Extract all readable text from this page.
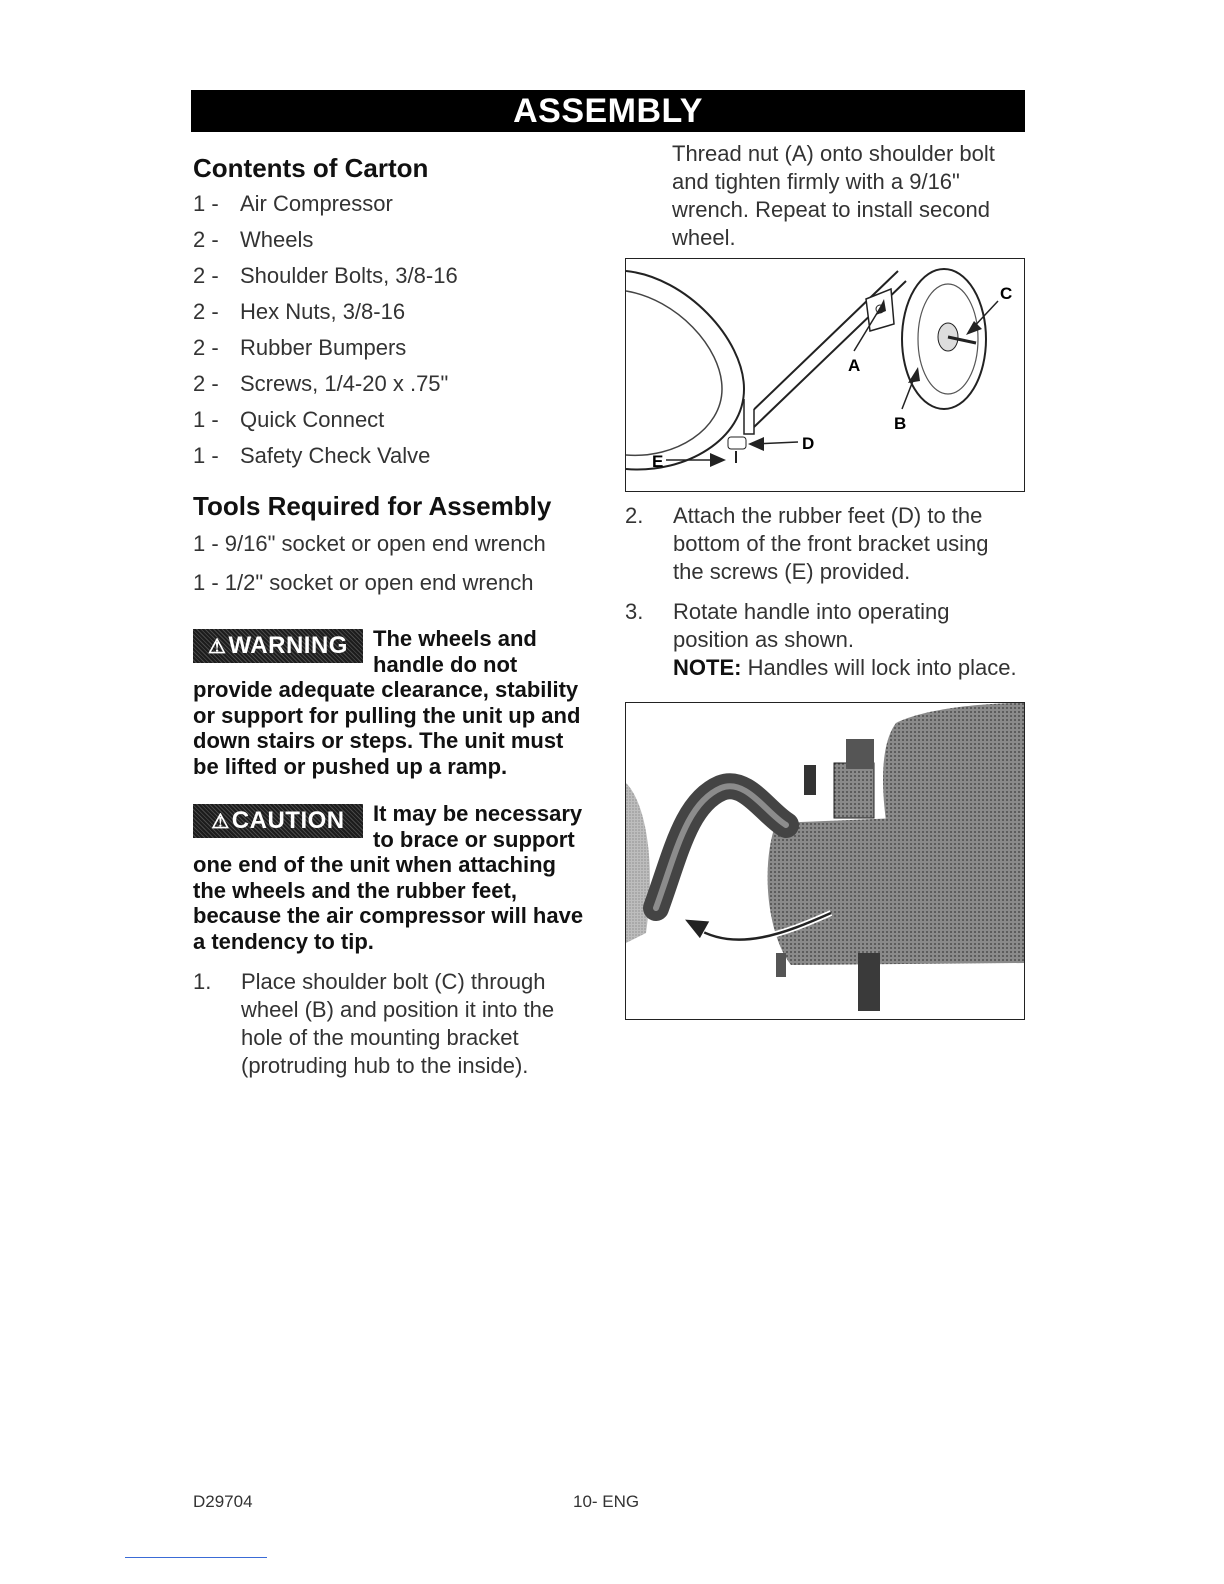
ASSEMBLY
Contents of Carton
1 - Air Compressor
2 - Wheels
2 - Shoulder Bolts, 3/8-16
2 - Hex Nuts, 3/8-16
2 - Rubber Bumpers
2 - Screws, 1/4-20 x .75"
1 - Quick Connect
1 - Safety Check Valve
Tools Required for Assembly
1 - 9/16" socket or open end wrench
1 - 1/2" socket or open end wrench
⚠WARNING	The wheels and handle do not provide adequate clearance, stability or support for pulling the unit up and down stairs or steps. The unit must be lifted or pushed up a ramp.
⚠CAUTION	It may be necessary to brace or support one end of the unit when attaching the wheels and the rubber feet, because the air compressor will have a tendency to tip.
1. Place shoulder bolt (C) through wheel (B) and position it into the hole of the mounting bracket (protruding hub to the inside).
Thread nut (A) onto shoulder bolt and tighten firmly with a 9/16" wrench. Repeat to install second wheel.
A
B
C
D
E
2. Attach the rubber feet (D) to the bottom of the front bracket using the screws (E) provided.
3. Rotate handle into operating position as shown.
NOTE: Handles will lock into place.
D29704	10- ENG
